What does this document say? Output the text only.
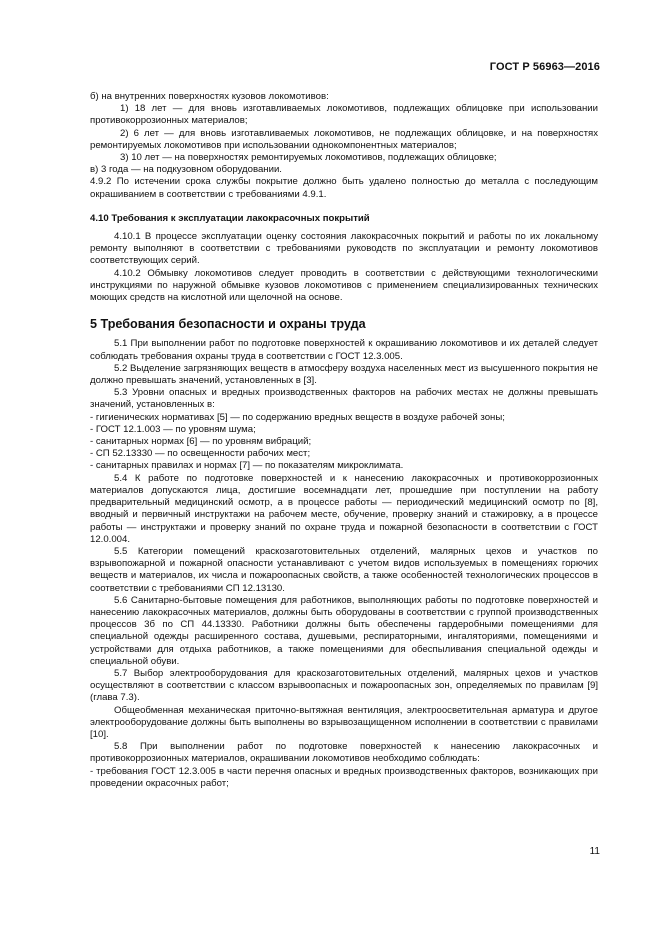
ГОСТ Р 56963—2016

б) на внутренних поверхностях кузовов локомотивов:

1) 18 лет — для вновь изготавливаемых локомотивов, подлежащих облицовке при использовании противокоррозионных материалов;

2) 6 лет — для вновь изготавливаемых локомотивов, не подлежащих облицовке, и на поверхностях ремонтируемых локомотивов при использовании однокомпонентных материалов;

3) 10 лет — на поверхностях ремонтируемых локомотивов, подлежащих облицовке;

в) 3 года — на подкузовном оборудовании.

4.9.2 По истечении срока службы покрытие должно быть удалено полностью до металла с последующим окрашиванием в соответствии с требованиями 4.9.1.

4.10 Требования к эксплуатации лакокрасочных покрытий

4.10.1 В процессе эксплуатации оценку состояния лакокрасочных покрытий и работы по их локальному ремонту выполняют в соответствии с требованиями руководств по эксплуатации и ремонту локомотивов соответствующих серий.

4.10.2 Обмывку локомотивов следует проводить в соответствии с действующими технологическими инструкциями по наружной обмывке кузовов локомотивов с применением специализированных технических моющих средств на кислотной или щелочной на основе.

5 Требования безопасности и охраны труда

5.1 При выполнении работ по подготовке поверхностей к окрашиванию локомотивов и их деталей следует соблюдать требования охраны труда в соответствии с ГОСТ 12.3.005.

5.2 Выделение загрязняющих веществ в атмосферу воздуха населенных мест из высушенного покрытия не должно превышать значений, установленных в [3].

5.3 Уровни опасных и вредных производственных факторов на рабочих местах не должны превышать значений, установленных в:

- гигиенических нормативах [5] — по содержанию вредных веществ в воздухе рабочей зоны;

- ГОСТ 12.1.003 — по уровням шума;

- санитарных нормах [6] — по уровням вибраций;

- СП 52.13330 — по освещенности рабочих мест;

- санитарных правилах и нормах [7] — по показателям микроклимата.

5.4 К работе по подготовке поверхностей и к нанесению лакокрасочных и противокоррозионных материалов допускаются лица, достигшие восемнадцати лет, прошедшие при поступлении на работу предварительный медицинский осмотр, а в процессе работы — периодический медицинский осмотр по [8], вводный и первичный инструктажи на рабочем месте, обучение, проверку знаний и стажировку, а в процессе работы — инструктажи и проверку знаний по охране труда и пожарной безопасности в соответствии с ГОСТ 12.0.004.

5.5 Категории помещений краскозаготовительных отделений, малярных цехов и участков по взрывопожарной и пожарной опасности устанавливают с учетом видов используемых в помещениях горючих веществ и материалов, их числа и пожароопасных свойств, а также особенностей технологических процессов в соответствии с требованиями СП 12.13130.

5.6 Санитарно-бытовые помещения для работников, выполняющих работы по подготовке поверхностей и нанесению лакокрасочных материалов, должны быть оборудованы в соответствии с группой производственных процессов 3б по СП 44.13330. Работники должны быть обеспечены гардеробными помещениями для специальной одежды расширенного состава, душевыми, респираторными, ингаляториями, помещениями и устройствами для отдыха работников, а также помещениями для обеспыливания специальной одежды и специальной обуви.

5.7 Выбор электрооборудования для краскозаготовительных отделений, малярных цехов и участков осуществляют в соответствии с классом взрывоопасных и пожароопасных зон, определяемых по правилам [9] (глава 7.3).

Общеобменная механическая приточно-вытяжная вентиляция, электроосветительная арматура и другое электрооборудование должны быть выполнены во взрывозащищенном исполнении в соответствии с правилами [10].

5.8 При выполнении работ по подготовке поверхностей к нанесению лакокрасочных и противокоррозионных материалов, окрашивании локомотивов необходимо соблюдать:

- требования ГОСТ 12.3.005 в части перечня опасных и вредных производственных факторов, возникающих при проведении окрасочных работ;

11
